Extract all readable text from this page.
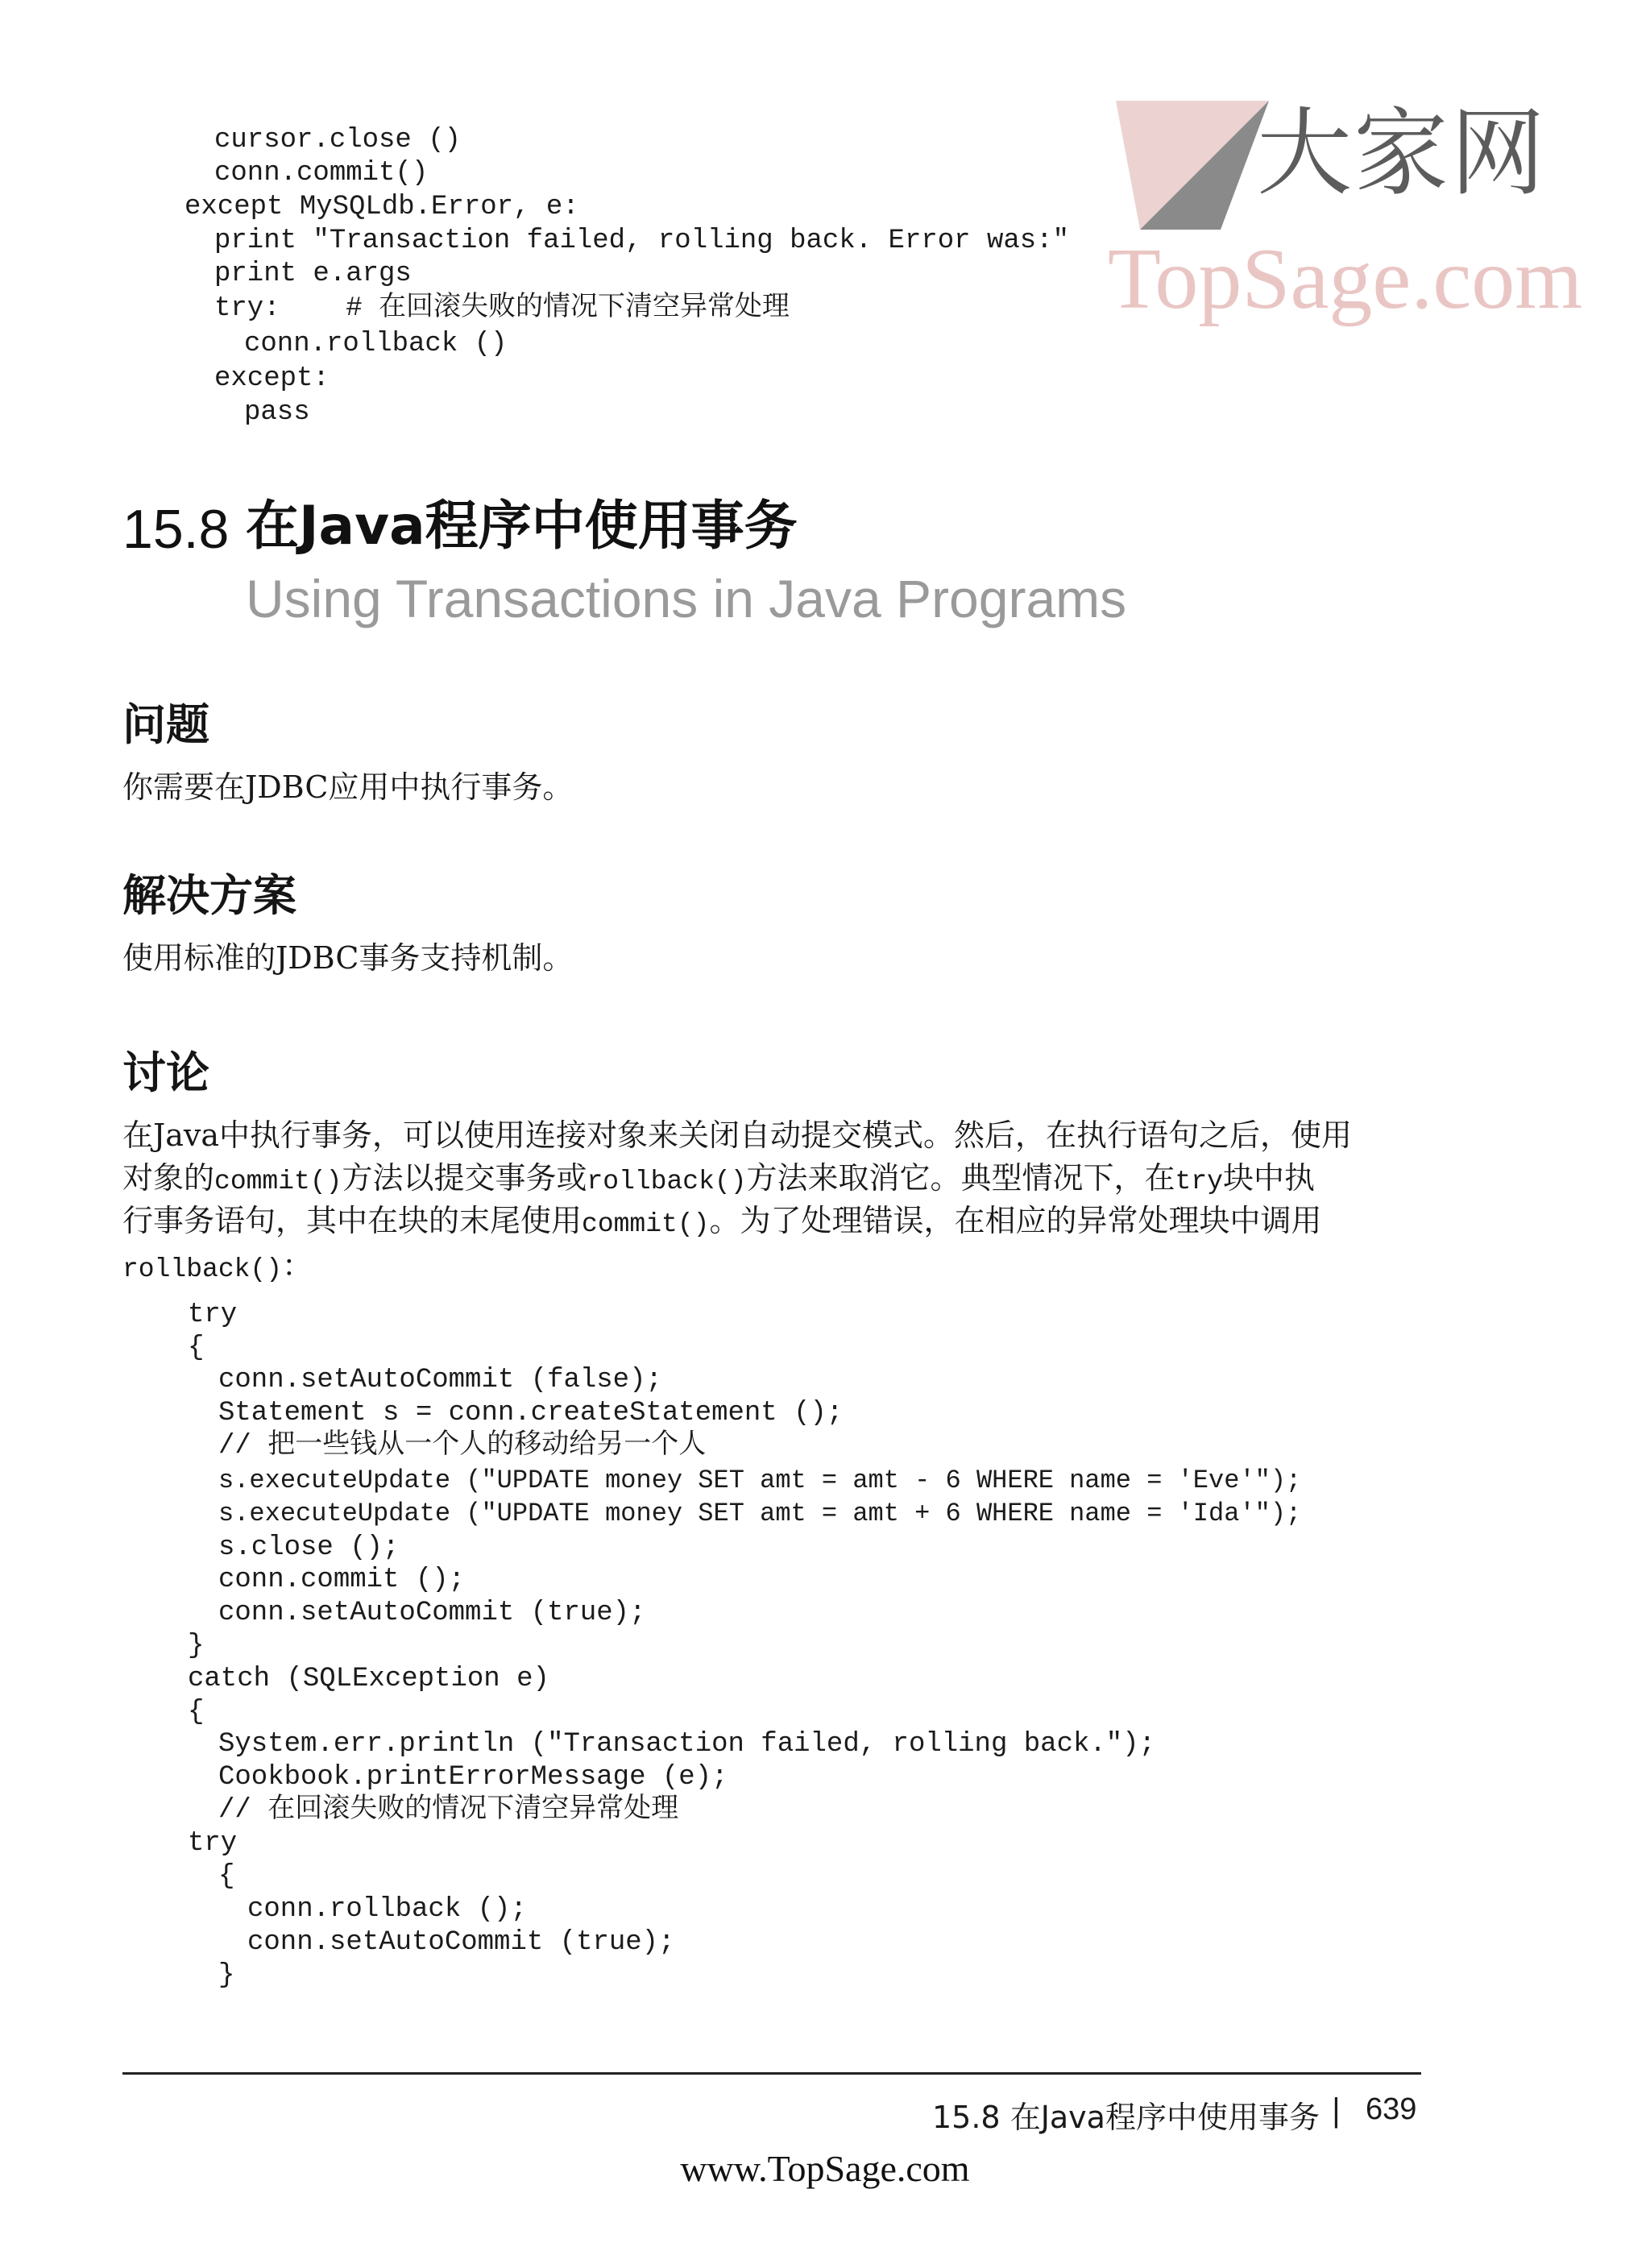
cursor.close ()
conn.commit()
except MySQLdb.Error, e:
print "Transaction failed, rolling back. Error was:"
print e.args
try:    # 在回滚失败的情况下清空异常处理
conn.rollback ()
except:
pass
大家网
TopSage.com
15.8 在Java程序中使用事务
Using Transactions in Java Programs
问题
你需要在JDBC应用中执行事务。
解决方案
使用标准的JDBC事务支持机制。
讨论
在Java中执行事务，可以使用连接对象来关闭自动提交模式。然后，在执行语句之后，使用
对象的commit()方法以提交事务或rollback()方法来取消它。典型情况下，在try块中执
行事务语句，其中在块的末尾使用commit()。为了处理错误，在相应的异常处理块中调用
rollback()：
try
{
conn.setAutoCommit (false);
Statement s = conn.createStatement ();
// 把一些钱从一个人的移动给另一个人
s.executeUpdate ("UPDATE money SET amt = amt - 6 WHERE name = 'Eve'");
s.executeUpdate ("UPDATE money SET amt = amt + 6 WHERE name = 'Ida'");
s.close ();
conn.commit ();
conn.setAutoCommit (true);
}
catch (SQLException e)
{
System.err.println ("Transaction failed, rolling back.");
Cookbook.printErrorMessage (e);
// 在回滚失败的情况下清空异常处理
try
{
conn.rollback ();
conn.setAutoCommit (true);
}
15.8 在Java程序中使用事务 | 639
www.TopSage.com
